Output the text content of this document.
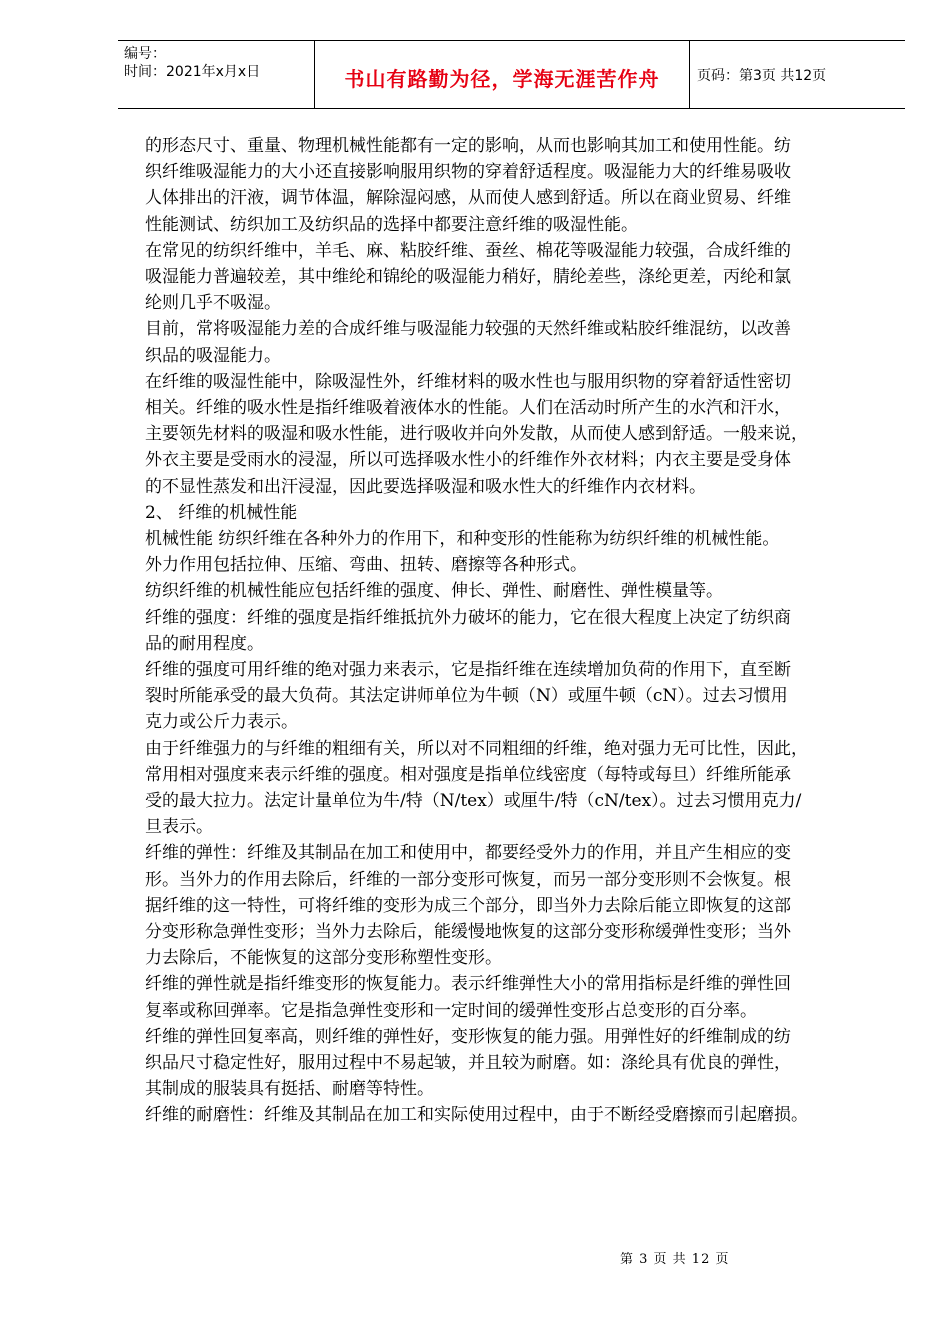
编号：
时间：2021年x月x日	书山有路勤为径，学海无涯苦作舟	页码：第3页 共12页
的形态尺寸、重量、物理机械性能都有一定的影响，从而也影响其加工和使用性能。纺
织纤维吸湿能力的大小还直接影响服用织物的穿着舒适程度。吸湿能力大的纤维易吸收
人体排出的汗液，调节体温，解除湿闷感，从而使人感到舒适。所以在商业贸易、纤维
性能测试、纺织加工及纺织品的选择中都要注意纤维的吸湿性能。
在常见的纺织纤维中，羊毛、麻、粘胶纤维、蚕丝、棉花等吸湿能力较强，合成纤维的
吸湿能力普遍较差，其中维纶和锦纶的吸湿能力稍好，腈纶差些，涤纶更差，丙纶和氯
纶则几乎不吸湿。
目前，常将吸湿能力差的合成纤维与吸湿能力较强的天然纤维或粘胶纤维混纺，以改善
织品的吸湿能力。
在纤维的吸湿性能中，除吸湿性外，纤维材料的吸水性也与服用织物的穿着舒适性密切
相关。纤维的吸水性是指纤维吸着液体水的性能。人们在活动时所产生的水汽和汗水，
主要领先材料的吸湿和吸水性能，进行吸收并向外发散，从而使人感到舒适。一般来说，
外衣主要是受雨水的浸湿，所以可选择吸水性小的纤维作外衣材料；内衣主要是受身体
的不显性蒸发和出汗浸湿，因此要选择吸湿和吸水性大的纤维作内衣材料。
2、 纤维的机械性能
机械性能 纺织纤维在各种外力的作用下，和种变形的性能称为纺织纤维的机械性能。
外力作用包括拉伸、压缩、弯曲、扭转、磨擦等各种形式。
纺织纤维的机械性能应包括纤维的强度、伸长、弹性、耐磨性、弹性模量等。
纤维的强度：纤维的强度是指纤维抵抗外力破坏的能力，它在很大程度上决定了纺织商
品的耐用程度。
纤维的强度可用纤维的绝对强力来表示，它是指纤维在连续增加负荷的作用下，直至断
裂时所能承受的最大负荷。其法定讲师单位为牛顿（N）或厘牛顿（cN）。过去习惯用
克力或公斤力表示。
由于纤维强力的与纤维的粗细有关，所以对不同粗细的纤维，绝对强力无可比性，因此，
常用相对强度来表示纤维的强度。相对强度是指单位线密度（每特或每旦）纤维所能承
受的最大拉力。法定计量单位为牛/特（N/tex）或厘牛/特（cN/tex）。过去习惯用克力/
旦表示。
纤维的弹性：纤维及其制品在加工和使用中，都要经受外力的作用，并且产生相应的变
形。当外力的作用去除后，纤维的一部分变形可恢复，而另一部分变形则不会恢复。根
据纤维的这一特性，可将纤维的变形为成三个部分，即当外力去除后能立即恢复的这部
分变形称急弹性变形；当外力去除后，能缓慢地恢复的这部分变形称缓弹性变形；当外
力去除后，不能恢复的这部分变形称塑性变形。
纤维的弹性就是指纤维变形的恢复能力。表示纤维弹性大小的常用指标是纤维的弹性回
复率或称回弹率。它是指急弹性变形和一定时间的缓弹性变形占总变形的百分率。
纤维的弹性回复率高，则纤维的弹性好，变形恢复的能力强。用弹性好的纤维制成的纺
织品尺寸稳定性好，服用过程中不易起皱，并且较为耐磨。如：涤纶具有优良的弹性，
其制成的服装具有挺括、耐磨等特性。
纤维的耐磨性：纤维及其制品在加工和实际使用过程中，由于不断经受磨擦而引起磨损。
第 3 页 共 12 页
